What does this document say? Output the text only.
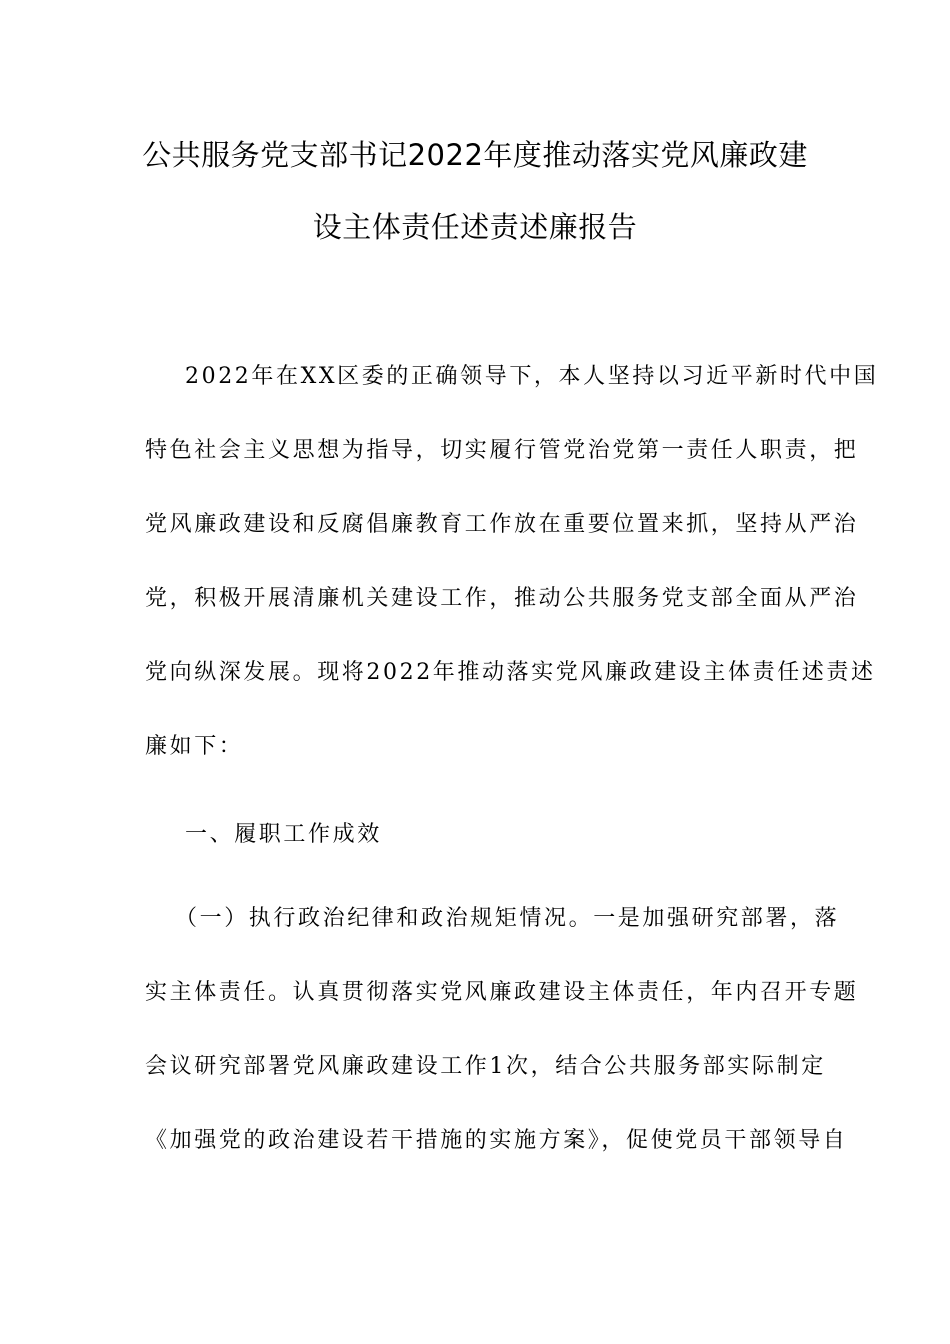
公共服务党支部书记2022年度推动落实党风廉政建
设主体责任述责述廉报告
2022年在XX区委的正确领导下，本人坚持以习近平新时代中国
特色社会主义思想为指导，切实履行管党治党第一责任人职责，把
党风廉政建设和反腐倡廉教育工作放在重要位置来抓，坚持从严治
党，积极开展清廉机关建设工作，推动公共服务党支部全面从严治
党向纵深发展。现将2022年推动落实党风廉政建设主体责任述责述
廉如下：
一、履职工作成效
（一）执行政治纪律和政治规矩情况。一是加强研究部署，落
实主体责任。认真贯彻落实党风廉政建设主体责任，年内召开专题
会议研究部署党风廉政建设工作1次，结合公共服务部实际制定
《加强党的政治建设若干措施的实施方案》，促使党员干部领导自
